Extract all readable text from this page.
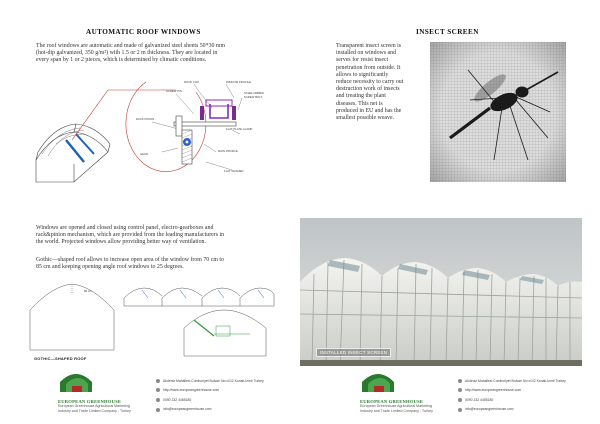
AUTOMATIC ROOF WINDOWS
The roof windows are automatic and made of galvanized steel sheets 50*30 mm
(hot-dip galvanized, 350 g/m²) with 1.5 or 2 m thickness. They are located in
every span by 1 or 2 pieces, which is determined by climatic conditions.
ROOF CLIP	WINDOW PROFILE
SCREW PIN	STEEL RIBBED
SCREW BOLT
RACK PINION
FLAT PLATE CLAMP
GEAR
MAIN PROFILE
FLAT WASHER
Windows are opened and closed using control panel, electro-gearboxes and
rack&pinion mechanism, which are provided from the leading manufacturers in
the world. Projected windows allow providing better way of ventilation.
Gothic—shaped roof allows to increase open area of the window from 70 cm to
85 cm and keeping opening angle roof windows to 25 degrees.
85 cm
GOTHIC—SHAPED ROOF
INSECT SCREEN
Transparent insect screen is
installed on windows and
serves for resist insect
penetration from outside. It
allows to significantly
reduce necessity to carry out
destruction work of insects
and treating the plant
diseases. This net is
produced in EU and has the
smallest possible weave.
INSTALLED INSECT SCREEN
EUROPEAN GREENHOUSE
European Greenhouse Agricultural Marketing
Industry and Trade Limited Company - Turkey
Akdeniz Mahallesi Cumhuriyet Bulvarı No:x/1/2 Konak-Izmir Turkey
http://www.europeangreenhouse.com
0090 232 4455180
info@europeangreenhouse.com
EUROPEAN GREENHOUSE
European Greenhouse Agricultural Marketing
Industry and Trade Limited Company - Turkey
Akdeniz Mahallesi Cumhuriyet Bulvarı No:x/1/2 Konak-Izmir Turkey
http://www.europeangreenhouse.com
0090 232 4455180
info@europeangreenhouse.com
